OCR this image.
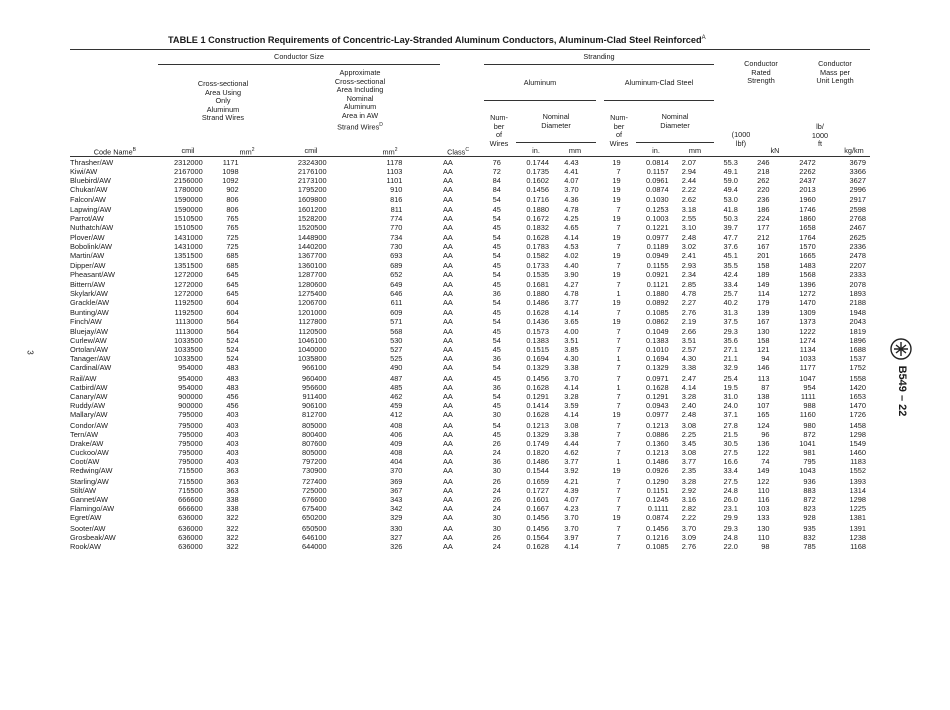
TABLE 1 Construction Requirements of Concentric-Lay-Stranded Aluminum Conductors, Aluminum-Clad Steel Reinforced$^A$
Conductor Size	Stranding
Cross-sectional
Area Using
Only
Aluminum
Strand Wires
Approximate
Cross-sectional
Area Including
Nominal
Aluminum
Area in AW
Strand Wires$^D$
Aluminum	Aluminum-Clad Steel
Conductor
Rated
Strength
Conductor
Mass per
Unit Length
Num-
ber
of
Wires
Nominal
Diameter
Num-
ber
of
Wires
Nominal
Diameter
(1000
lbf)
lb/
1000
ft
Code Name$^B$	cmil	$mm^2$	cmil	$mm^2$	Class$^C$	in.	mm	in.	mm	kN	kg/km
Thrasher/AW	2312000	1171	2324300	1178	AA	76	0.1744	4.43	19	0.0814	2.07	55.3	246	2472	3679
Kiwi/AW	2167000	1098	2176100	1103	AA	72	0.1735	4.41	7	0.1157	2.94	49.1	218	2262	3366
Bluebird/AW	2156000	1092	2173100	1101	AA	84	0.1602	4.07	19	0.0961	2.44	59.0	262	2437	3627
Chukar/AW	1780000	902	1795200	910	AA	84	0.1456	3.70	19	0.0874	2.22	49.4	220	2013	2996
Falcon/AW	1590000	806	1609800	816	AA	54	0.1716	4.36	19	0.1030	2.62	53.0	236	1960	2917
Lapwing/AW	1590000	806	1601200	811	AA	45	0.1880	4.78	7	0.1253	3.18	41.8	186	1746	2598
Parrot/AW	1510500	765	1528200	774	AA	54	0.1672	4.25	19	0.1003	2.55	50.3	224	1860	2768
Nuthatch/AW	1510500	765	1520500	770	AA	45	0.1832	4.65	7	0.1221	3.10	39.7	177	1658	2467
Plover/AW	1431000	725	1448900	734	AA	54	0.1628	4.14	19	0.0977	2.48	47.7	212	1764	2625
Bobolink/AW	1431000	725	1440200	730	AA	45	0.1783	4.53	7	0.1189	3.02	37.6	167	1570	2336
Martin/AW	1351500	685	1367700	693	AA	54	0.1582	4.02	19	0.0949	2.41	45.1	201	1665	2478
Dipper/AW	1351500	685	1360100	689	AA	45	0.1733	4.40	7	0.1155	2.93	35.5	158	1483	2207
Pheasant/AW	1272000	645	1287700	652	AA	54	0.1535	3.90	19	0.0921	2.34	42.4	189	1568	2333
Bittern/AW	1272000	645	1280600	649	AA	45	0.1681	4.27	7	0.1121	2.85	33.4	149	1396	2078
Skylark/AW	1272000	645	1275400	646	AA	36	0.1880	4.78	1	0.1880	4.78	25.7	114	1272	1893
Grackle/AW	1192500	604	1206700	611	AA	54	0.1486	3.77	19	0.0892	2.27	40.2	179	1470	2188
Bunting/AW	1192500	604	1201000	609	AA	45	0.1628	4.14	7	0.1085	2.76	31.3	139	1309	1948
Finch/AW	1113000	564	1127800	571	AA	54	0.1436	3.65	19	0.0862	2.19	37.5	167	1373	2043
Bluejay/AW	1113000	564	1120500	568	AA	45	0.1573	4.00	7	0.1049	2.66	29.3	130	1222	1819
Curlew/AW	1033500	524	1046100	530	AA	54	0.1383	3.51	7	0.1383	3.51	35.6	158	1274	1896
Ortolan/AW	1033500	524	1040000	527	AA	45	0.1515	3.85	7	0.1010	2.57	27.1	121	1134	1688
Tanager/AW	1033500	524	1035800	525	AA	36	0.1694	4.30	1	0.1694	4.30	21.1	94	1033	1537
Cardinal/AW	954000	483	966100	490	AA	54	0.1329	3.38	7	0.1329	3.38	32.9	146	1177	1752
Rail/AW	954000	483	960400	487	AA	45	0.1456	3.70	7	0.0971	2.47	25.4	113	1047	1558
Catbird/AW	954000	483	956600	485	AA	36	0.1628	4.14	1	0.1628	4.14	19.5	87	954	1420
Canary/AW	900000	456	911400	462	AA	54	0.1291	3.28	7	0.1291	3.28	31.0	138	1111	1653
Ruddy/AW	900000	456	906100	459	AA	45	0.1414	3.59	7	0.0943	2.40	24.0	107	988	1470
Mallary/AW	795000	403	812700	412	AA	30	0.1628	4.14	19	0.0977	2.48	37.1	165	1160	1726
Condor/AW	795000	403	805000	408	AA	54	0.1213	3.08	7	0.1213	3.08	27.8	124	980	1458
Tern/AW	795000	403	800400	406	AA	45	0.1329	3.38	7	0.0886	2.25	21.5	96	872	1298
Drake/AW	795000	403	807600	409	AA	26	0.1749	4.44	7	0.1360	3.45	30.5	136	1041	1549
Cuckoo/AW	795000	403	805000	408	AA	24	0.1820	4.62	7	0.1213	3.08	27.5	122	981	1460
Coot/AW	795000	403	797200	404	AA	36	0.1486	3.77	1	0.1486	3.77	16.6	74	795	1183
Redwing/AW	715500	363	730900	370	AA	30	0.1544	3.92	19	0.0926	2.35	33.4	149	1043	1552
Starling/AW	715500	363	727400	369	AA	26	0.1659	4.21	7	0.1290	3.28	27.5	122	936	1393
Stilt/AW	715500	363	725000	367	AA	24	0.1727	4.39	7	0.1151	2.92	24.8	110	883	1314
Gannet/AW	666600	338	676600	343	AA	26	0.1601	4.07	7	0.1245	3.16	26.0	116	872	1298
Flamingo/AW	666600	338	675400	342	AA	24	0.1667	4.23	7	0.1111	2.82	23.1	103	823	1225
Egret/AW	636000	322	650200	329	AA	30	0.1456	3.70	19	0.0874	2.22	29.9	133	928	1381
Sooter/AW	636000	322	650500	330	AA	30	0.1456	3.70	7	0.1456	3.70	29.3	130	935	1391
Grosbeak/AW	636000	322	646100	327	AA	26	0.1564	3.97	7	0.1216	3.09	24.8	110	832	1238
Rook/AW	636000	322	644000	326	AA	24	0.1628	4.14	7	0.1085	2.76	22.0	98	785	1168
3
B549 – 22
